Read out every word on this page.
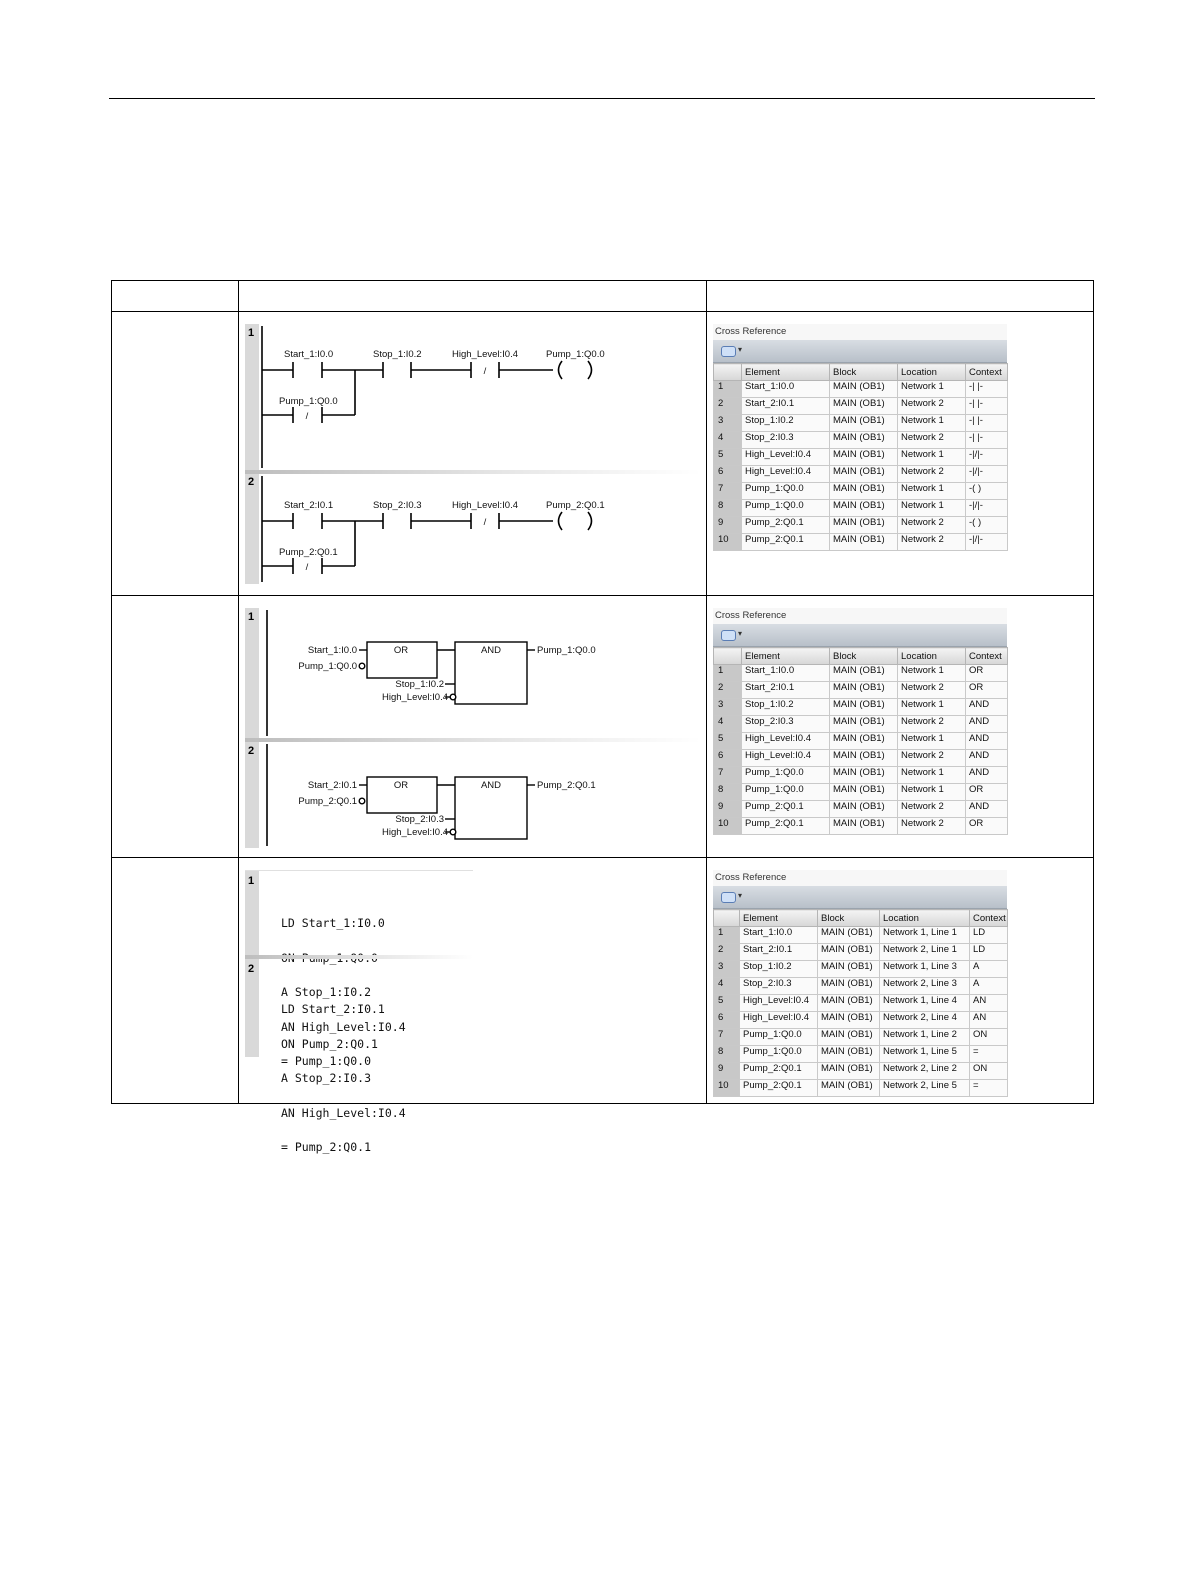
1
2
/
/
Start_1:I0.0	Stop_1:I0.2	High_Level:I0.4	Pump_1:Q0.0
Pump_1:Q0.0
/
/
Start_2:I0.1	Stop_2:I0.3	High_Level:I0.4	Pump_2:Q0.1
Pump_2:Q0.1

Cross Reference
▾
	Element	Block	Location	Context
1	Start_1:I0.0	MAIN (OB1)	Network 1	-| |-
2	Start_2:I0.1	MAIN (OB1)	Network 2	-| |-
3	Stop_1:I0.2	MAIN (OB1)	Network 1	-| |-
4	Stop_2:I0.3	MAIN (OB1)	Network 2	-| |-
5	High_Level:I0.4	MAIN (OB1)	Network 1	-|/|-
6	High_Level:I0.4	MAIN (OB1)	Network 2	-|/|-
7	Pump_1:Q0.0	MAIN (OB1)	Network 1	-( )
8	Pump_1:Q0.0	MAIN (OB1)	Network 1	-|/|-
9	Pump_2:Q0.1	MAIN (OB1)	Network 2	-( )
10	Pump_2:Q0.1	MAIN (OB1)	Network 2	-|/|-

1
2
OR	AND
Start_1:I0.0
Pump_1:Q0.0
Stop_1:I0.2
High_Level:I0.4
Pump_1:Q0.0
OR	AND
Start_2:I0.1
Pump_2:Q0.1
Stop_2:I0.3
High_Level:I0.4
Pump_2:Q0.1

Cross Reference
▾
	Element	Block	Location	Context
1	Start_1:I0.0	MAIN (OB1)	Network 1	OR
2	Start_2:I0.1	MAIN (OB1)	Network 2	OR
3	Stop_1:I0.2	MAIN (OB1)	Network 1	AND
4	Stop_2:I0.3	MAIN (OB1)	Network 2	AND
5	High_Level:I0.4	MAIN (OB1)	Network 1	AND
6	High_Level:I0.4	MAIN (OB1)	Network 2	AND
7	Pump_1:Q0.0	MAIN (OB1)	Network 1	AND
8	Pump_1:Q0.0	MAIN (OB1)	Network 1	OR
9	Pump_2:Q0.1	MAIN (OB1)	Network 2	AND
10	Pump_2:Q0.1	MAIN (OB1)	Network 2	OR

1

LD Start_1:I0.0

A Stop_1:I0.2

AN High_Level:I0.4

= Pump_1:Q0.0

2

LD Start_2:I0.1

ON Pump_2:Q0.1

A Stop_2:I0.3

AN High_Level:I0.4

= Pump_2:Q0.1

Cross Reference
▾
	Element	Block	Location	Context
1	Start_1:I0.0	MAIN (OB1)	Network 1, Line 1	LD
2	Start_2:I0.1	MAIN (OB1)	Network 2, Line 1	LD
3	Stop_1:I0.2	MAIN (OB1)	Network 1, Line 3	A
4	Stop_2:I0.3	MAIN (OB1)	Network 2, Line 3	A
5	High_Level:I0.4	MAIN (OB1)	Network 1, Line 4	AN
6	High_Level:I0.4	MAIN (OB1)	Network 2, Line 4	AN
7	Pump_1:Q0.0	MAIN (OB1)	Network 1, Line 2	ON
8	Pump_1:Q0.0	MAIN (OB1)	Network 1, Line 5	=
9	Pump_2:Q0.1	MAIN (OB1)	Network 2, Line 2	ON
10	Pump_2:Q0.1	MAIN (OB1)	Network 2, Line 5	=
